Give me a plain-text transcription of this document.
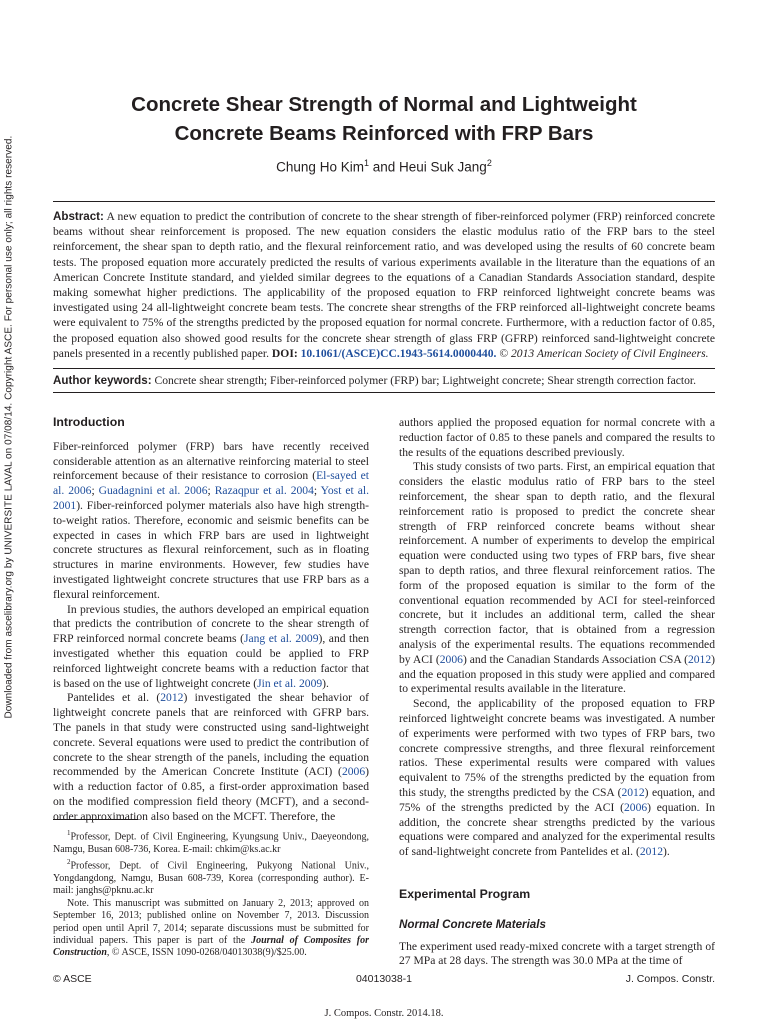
Downloaded from ascelibrary.org by UNIVERSITE LAVAL on 07/08/14. Copyright ASCE. For personal use only; all rights reserved.
Concrete Shear Strength of Normal and Lightweight
Concrete Beams Reinforced with FRP Bars
Chung Ho Kim$^1$ and Heui Suk Jang$^2$
Abstract: A new equation to predict the contribution of concrete to the shear strength of fiber-reinforced polymer (FRP) reinforced concrete beams without shear reinforcement is proposed. The new equation considers the elastic modulus ratio of the FRP bars to the steel reinforcement, the shear span to depth ratio, and the flexural reinforcement ratio, and was developed using the results of 60 concrete beam tests. The proposed equation more accurately predicted the results of various experiments available in the literature than the equations of an American Concrete Institute standard, and yielded similar degrees to the equations of a Canadian Standards Association standard, despite making somewhat higher predictions. The applicability of the proposed equation to FRP reinforced lightweight concrete beams was investigated using 24 all-lightweight concrete beam tests. The concrete shear strengths of the FRP reinforced all-lightweight concrete beams were equivalent to 75% of the strengths predicted by the proposed equation for normal concrete. Furthermore, with a reduction factor of 0.85, the proposed equation also showed good results for the concrete shear strength of glass FRP (GFRP) reinforced sand-lightweight concrete panels presented in a recently published paper. DOI: 10.1061/(ASCE)CC.1943-5614.0000440. © 2013 American Society of Civil Engineers.
Author keywords: Concrete shear strength; Fiber-reinforced polymer (FRP) bar; Lightweight concrete; Shear strength correction factor.
Introduction

Fiber-reinforced polymer (FRP) bars have recently received considerable attention as an alternative reinforcing material to steel reinforcement because of their resistance to corrosion (El-sayed et al. 2006; Guadagnini et al. 2006; Razaqpur et al. 2004; Yost et al. 2001). Fiber-reinforced polymer materials also have high strength-to-weight ratios. Therefore, economic and seismic benefits can be expected in cases in which FRP bars are used in lightweight concrete structures as flexural reinforcement, such as in floating structures in marine environments. However, few studies have investigated lightweight concrete structures that use FRP bars as a flexural reinforcement.

In previous studies, the authors developed an empirical equation that predicts the contribution of concrete to the shear strength of FRP reinforced normal concrete beams (Jang et al. 2009), and then investigated whether this equation could be applied to FRP reinforced lightweight concrete beams with a reduction factor that is based on the use of lightweight concrete (Jin et al. 2009).

Pantelides et al. (2012) investigated the shear behavior of lightweight concrete panels that are reinforced with GFRP bars. The panels in that study were constructed using sand-lightweight concrete. Several equations were used to predict the contribution of concrete to the shear strength of the panels, including the equation recommended by the American Concrete Institute (ACI) (2006) with a reduction factor of 0.85, a first-order approximation based on the modified compression field theory (MCFT), and a second-order approximation also based on the MCFT. Therefore, the

$^1$Professor, Dept. of Civil Engineering, Kyungsung Univ., Daeyeondong, Namgu, Busan 608-736, Korea. E-mail: chkim@ks.ac.kr

$^2$Professor, Dept. of Civil Engineering, Pukyong National Univ., Yongdangdong, Namgu, Busan 608-739, Korea (corresponding author). E-mail: janghs@pknu.ac.kr

Note. This manuscript was submitted on January 2, 2013; approved on September 16, 2013; published online on November 7, 2013. Discussion period open until April 7, 2014; separate discussions must be submitted for individual papers. This paper is part of the Journal of Composites for Construction, © ASCE, ISSN 1090-0268/04013038(9)/$25.00.

authors applied the proposed equation for normal concrete with a reduction factor of 0.85 to these panels and compared the results to the results of the equations described previously.

This study consists of two parts. First, an empirical equation that considers the elastic modulus ratio of FRP bars to the steel reinforcement, the shear span to depth ratio, and the flexural reinforcement ratio is proposed to predict the concrete shear strength of FRP reinforced concrete beams without shear reinforcement. A number of experiments to develop the empirical equation were conducted using two types of FRP bars, five shear span to depth ratios, and three flexural reinforcement ratios. The form of the proposed equation is similar to the form of the conventional equation recommended by ACI for steel-reinforced concrete, but it includes an additional term, called the shear strength correction factor, that is obtained from a regression analysis of the experimental results. The equations recommended by ACI (2006) and the Canadian Standards Association CSA (2012) and the equation proposed in this study were applied and compared to experimental results available in the literature.

Second, the applicability of the proposed equation to FRP reinforced lightweight concrete beams was investigated. A number of experiments were performed with two types of FRP bars, two concrete compressive strengths, and three flexural reinforcement ratios. These experimental results were compared with values equivalent to 75% of the strengths predicted by the equation from this study, the strengths predicted by the CSA (2012) equation, and 75% of the strengths predicted by the ACI (2006) equation. In addition, the concrete shear strengths predicted by the various equations were compared and analyzed for the experimental results of sand-lightweight concrete from Pantelides et al. (2012).

Experimental Program
Normal Concrete Materials

The experiment used ready-mixed concrete with a target strength of 27 MPa at 28 days. The strength was 30.0 MPa at the time of

© ASCE	04013038-1	J. Compos. Constr.
J. Compos. Constr. 2014.18.
